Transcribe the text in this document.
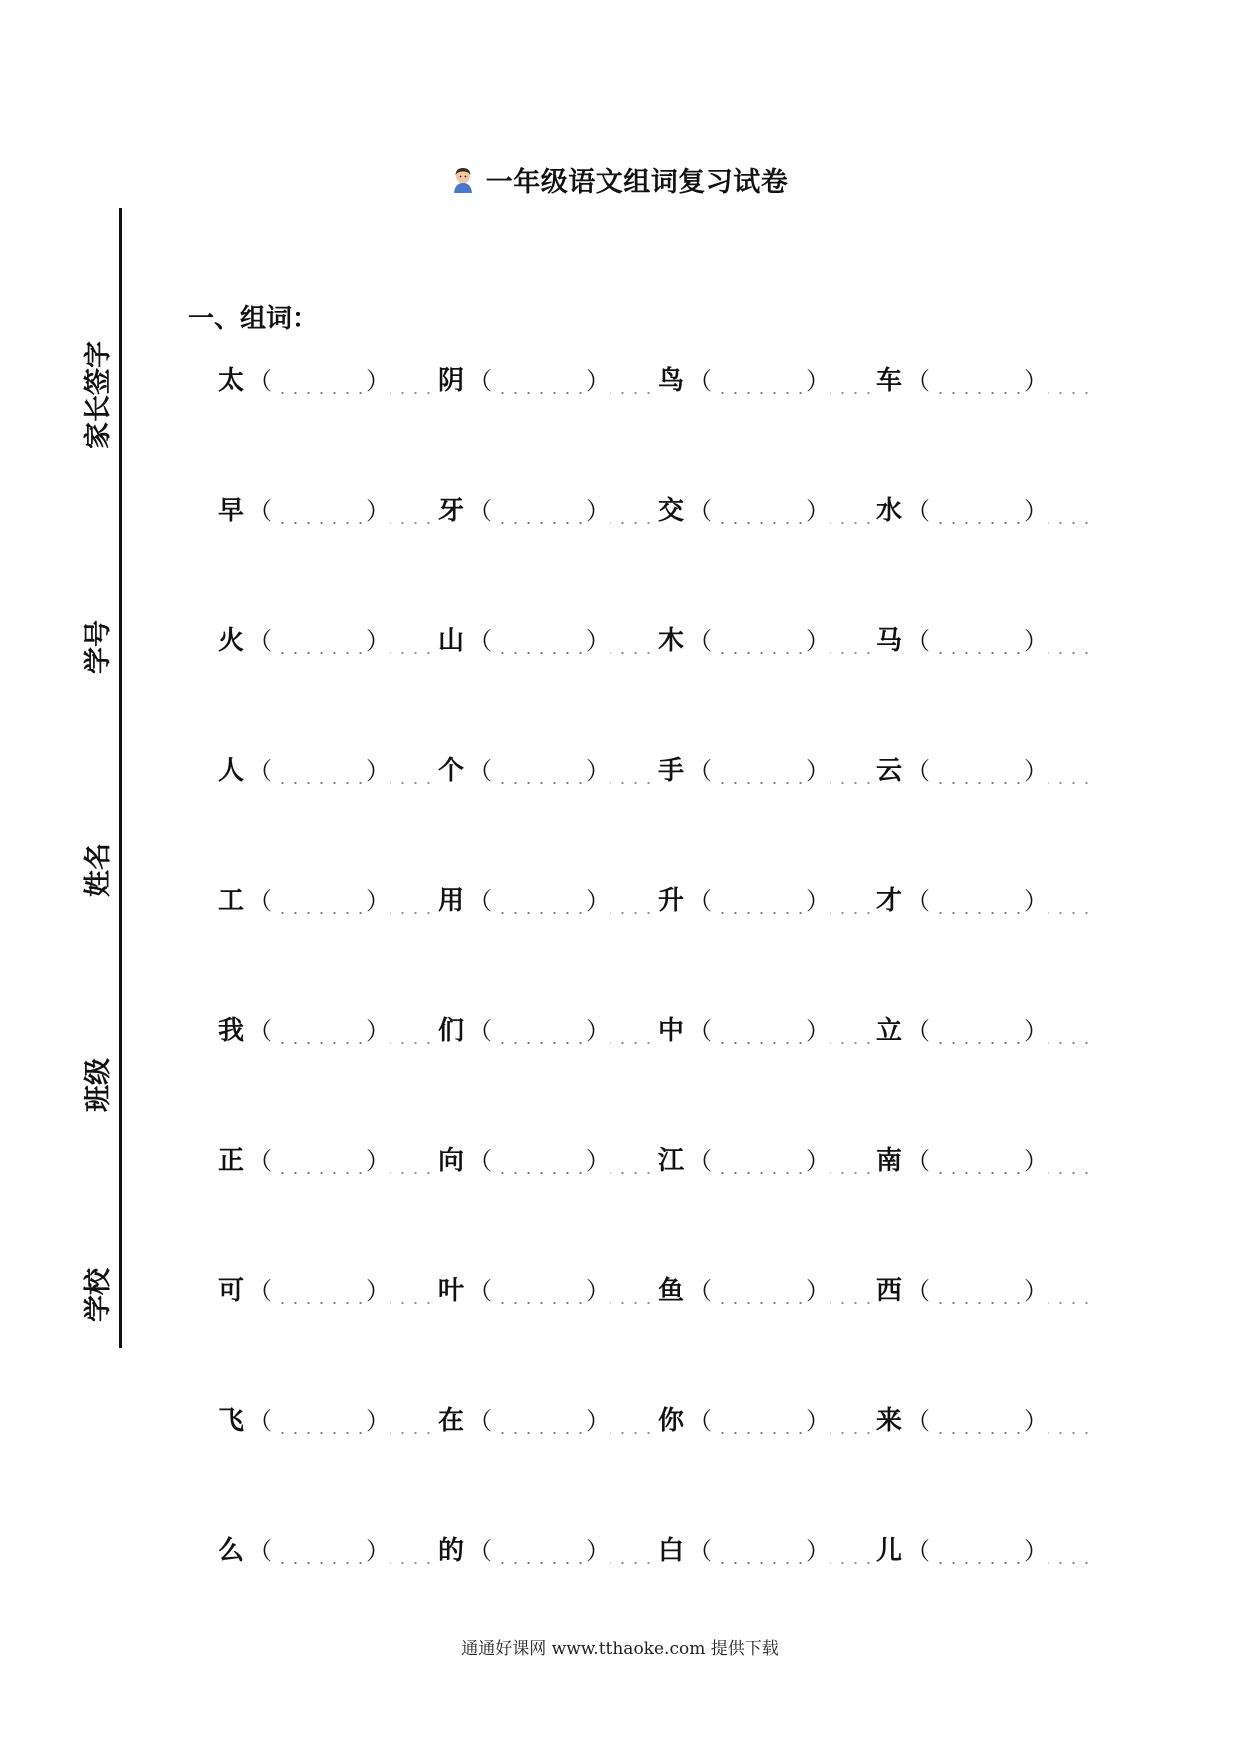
家长签字
学号
姓名
班级
学校
一年级语文组词复习试卷
一、组词：
太 （	）	阴 （	）	鸟 （	）	车 （	）
早 （	）	牙 （	）	交 （	）	水 （	）
火 （	）	山 （	）	木 （	）	马 （	）
人 （	）	个 （	）	手 （	）	云 （	）
工 （	）	用 （	）	升 （	）	才 （	）
我 （	）	们 （	）	中 （	）	立 （	）
正 （	）	向 （	）	江 （	）	南 （	）
可 （	）	叶 （	）	鱼 （	）	西 （	）
飞 （	）	在 （	）	你 （	）	来 （	）
么 （	）	的 （	）	白 （	）	儿 （	）
通通好课网 www.tthaoke.com 提供下载
